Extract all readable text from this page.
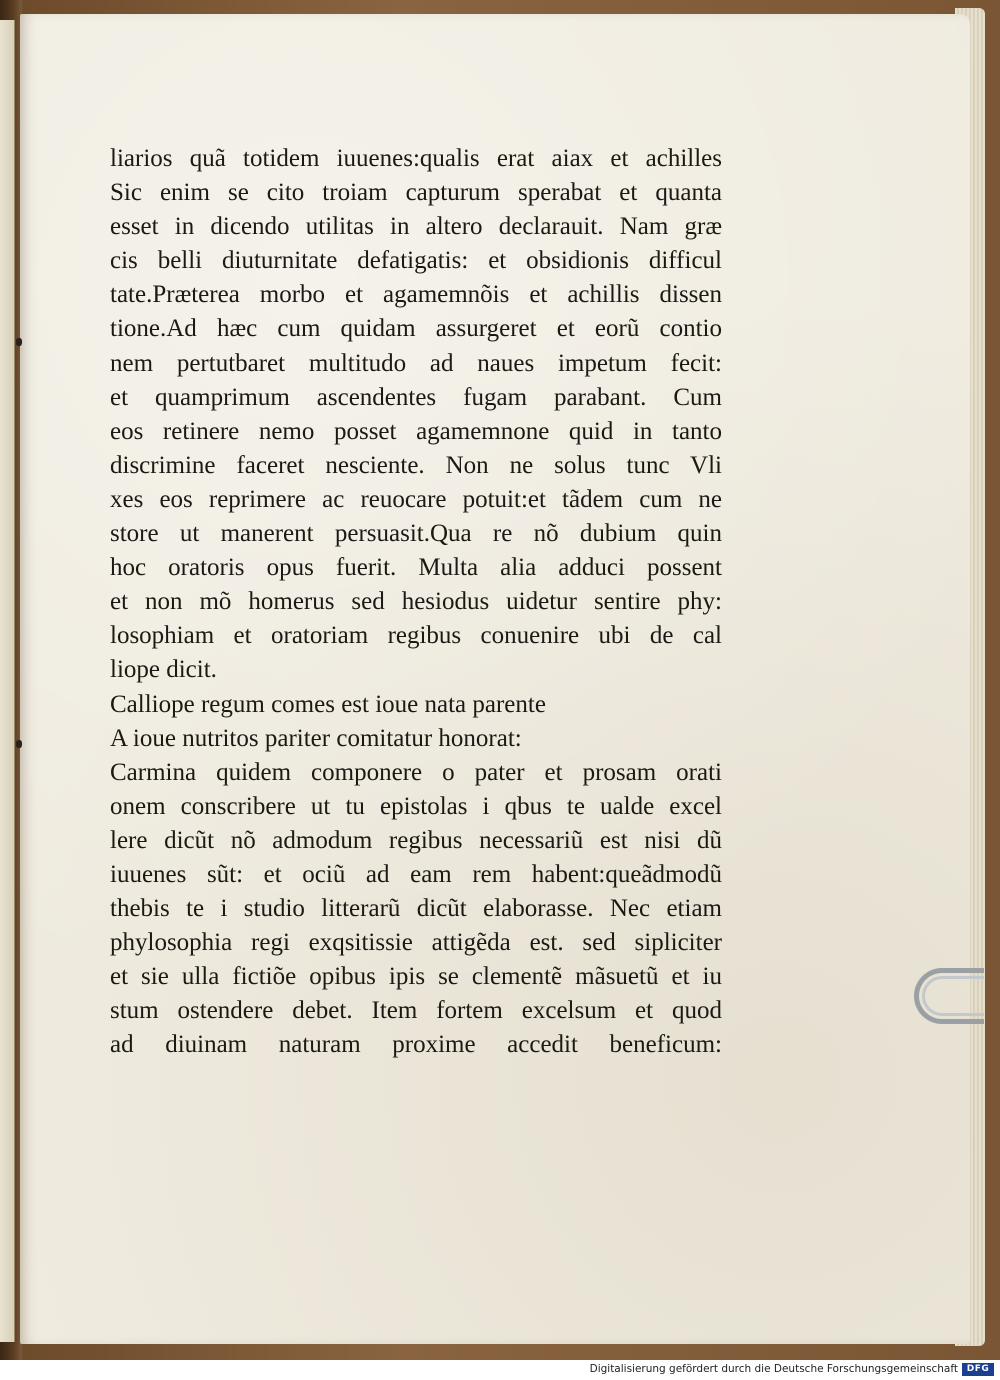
liarios quã totidem iuuenes:qualis erat aiax et achilles
Sic enim se cito troiam capturum sperabat et quanta
esset in dicendo utilitas in altero declarauit. Nam græ
cis belli diuturnitate defatigatis: et obsidionis difficul
tate.Præterea morbo et agamemnõis et achillis dissen
tione.Ad hæc cum quidam assurgeret et eorũ contio
nem pertutbaret multitudo ad naues impetum fecit:
et quamprimum ascendentes fugam parabant. Cum
eos retinere nemo posset agamemnone quid in tanto
discrimine faceret nesciente. Non ne solus tunc Vli
xes eos reprimere ac reuocare potuit:et tãdem cum ne
store ut manerent persuasit.Qua re nõ dubium quin
hoc oratoris opus fuerit. Multa alia adduci possent
et non mõ homerus sed hesiodus uidetur sentire phy:
losophiam et oratoriam regibus conuenire ubi de cal
liope dicit.
Calliope regum comes est ioue nata parente
A ioue nutritos pariter comitatur honorat:
Carmina quidem componere o pater et prosam orati
onem conscribere ut tu epistolas i qbus te ualde excel
lere dicũt nõ admodum regibus necessariũ est nisi dũ
iuuenes sũt: et ociũ ad eam rem habent:queãdmodũ
thebis te i studio litterarũ dicũt elaborasse. Nec etiam
phylosophia regi exqsitissie attigẽda est. sed sipliciter
et sie ulla fictiõe opibus ipis se clementẽ mãsuetũ et iu
stum ostendere debet. Item fortem excelsum et quod
ad diuinam naturam proxime accedit beneficum:
Digitalisierung gefördert durch die Deutsche Forschungsgemeinschaft DFG
